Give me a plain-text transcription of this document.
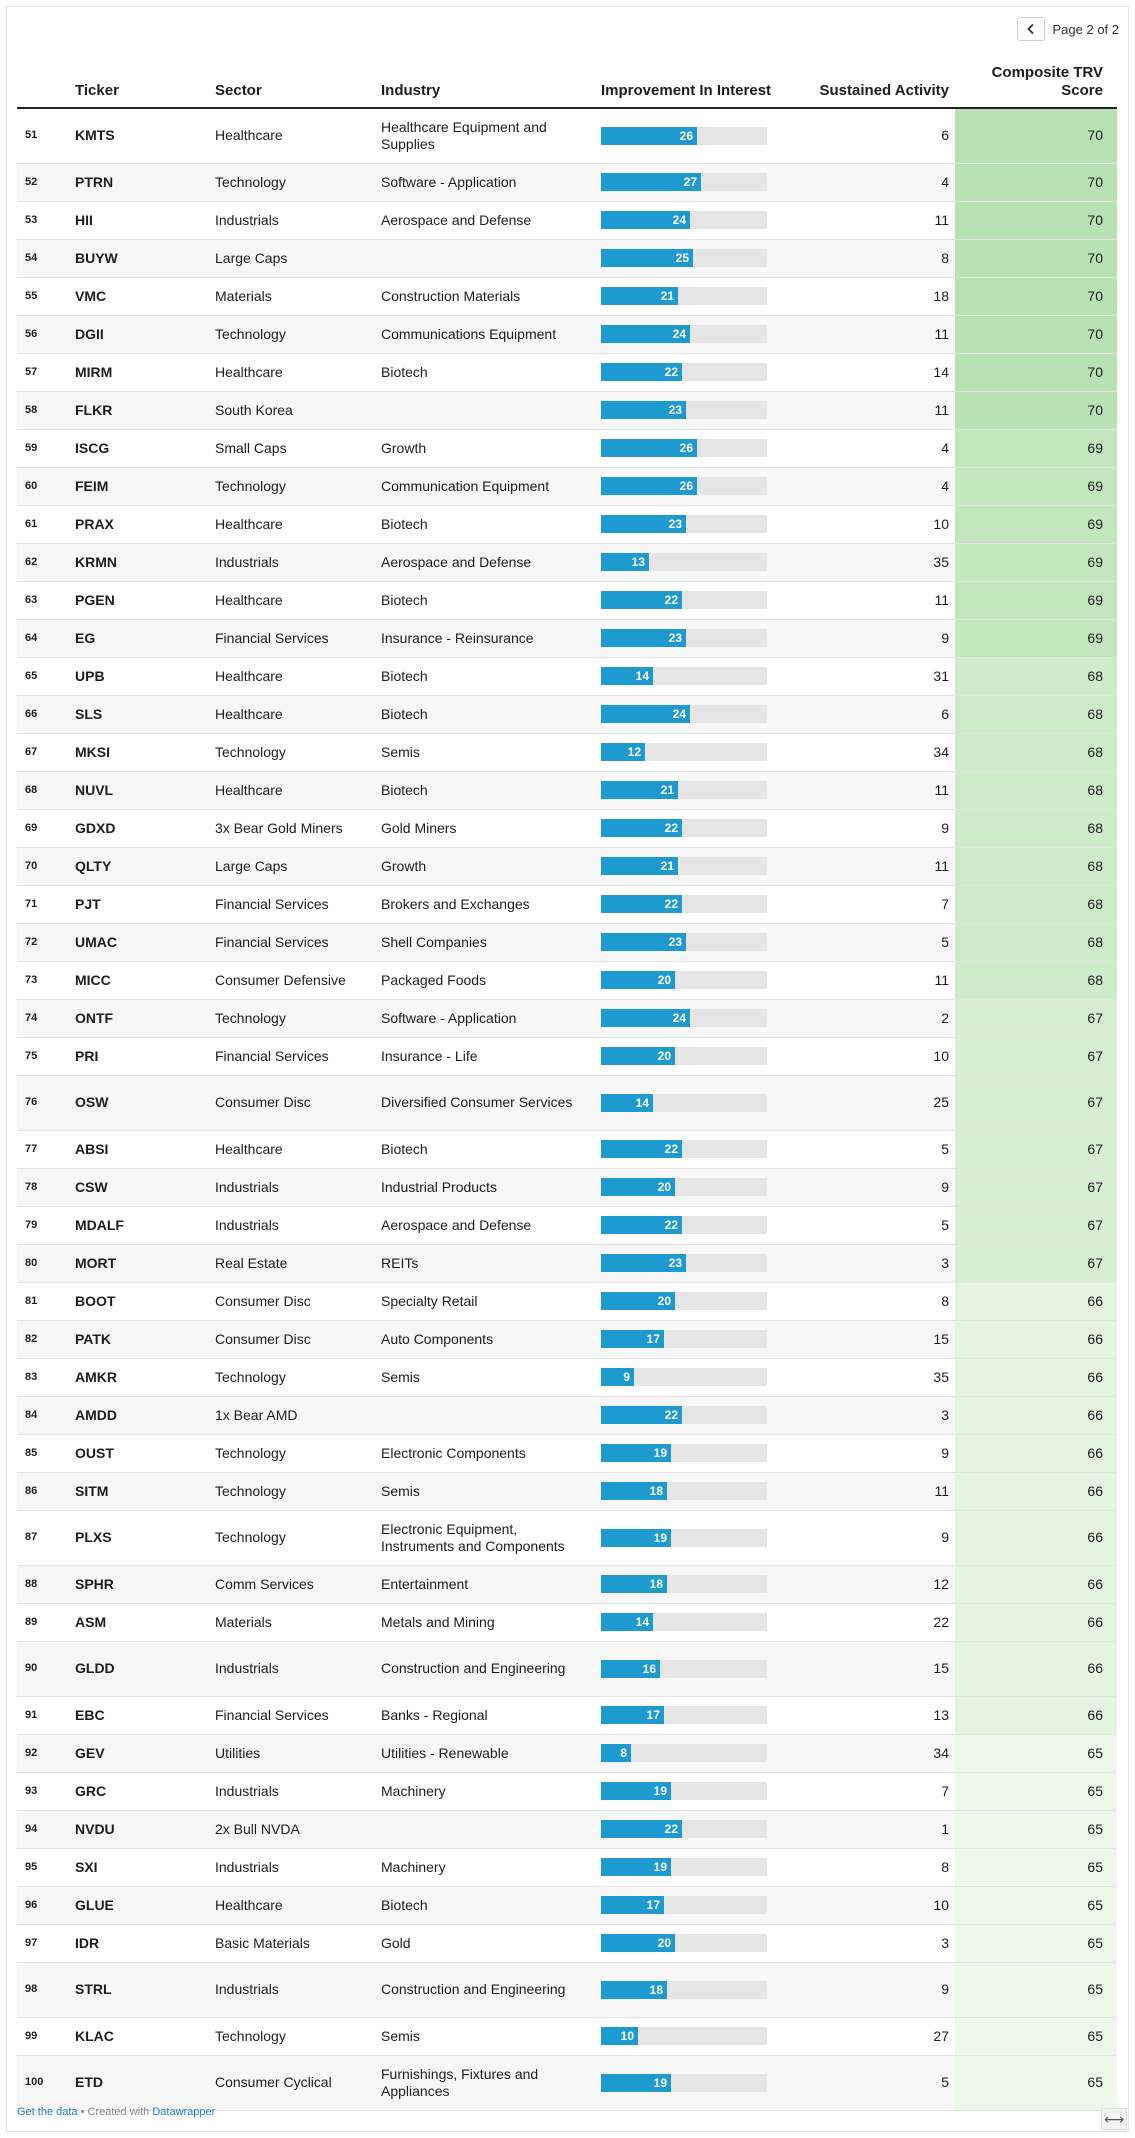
Page 2 of 2
	Ticker	Sector	Industry	Improvement In Interest	Sustained Activity	Composite TRV Score
51	KMTS	Healthcare	Healthcare Equipment and Supplies	26	6	70
52	PTRN	Technology	Software - Application	27	4	70
53	HII	Industrials	Aerospace and Defense	24	11	70
54	BUYW	Large Caps		25	8	70
55	VMC	Materials	Construction Materials	21	18	70
56	DGII	Technology	Communications Equipment	24	11	70
57	MIRM	Healthcare	Biotech	22	14	70
58	FLKR	South Korea		23	11	70
59	ISCG	Small Caps	Growth	26	4	69
60	FEIM	Technology	Communication Equipment	26	4	69
61	PRAX	Healthcare	Biotech	23	10	69
62	KRMN	Industrials	Aerospace and Defense	13	35	69
63	PGEN	Healthcare	Biotech	22	11	69
64	EG	Financial Services	Insurance - Reinsurance	23	9	69
65	UPB	Healthcare	Biotech	14	31	68
66	SLS	Healthcare	Biotech	24	6	68
67	MKSI	Technology	Semis	12	34	68
68	NUVL	Healthcare	Biotech	21	11	68
69	GDXD	3x Bear Gold Miners	Gold Miners	22	9	68
70	QLTY	Large Caps	Growth	21	11	68
71	PJT	Financial Services	Brokers and Exchanges	22	7	68
72	UMAC	Financial Services	Shell Companies	23	5	68
73	MICC	Consumer Defensive	Packaged Foods	20	11	68
74	ONTF	Technology	Software - Application	24	2	67
75	PRI	Financial Services	Insurance - Life	20	10	67
76	OSW	Consumer Disc	Diversified Consumer Services	14	25	67
77	ABSI	Healthcare	Biotech	22	5	67
78	CSW	Industrials	Industrial Products	20	9	67
79	MDALF	Industrials	Aerospace and Defense	22	5	67
80	MORT	Real Estate	REITs	23	3	67
81	BOOT	Consumer Disc	Specialty Retail	20	8	66
82	PATK	Consumer Disc	Auto Components	17	15	66
83	AMKR	Technology	Semis	9	35	66
84	AMDD	1x Bear AMD		22	3	66
85	OUST	Technology	Electronic Components	19	9	66
86	SITM	Technology	Semis	18	11	66
87	PLXS	Technology	Electronic Equipment, Instruments and Components	19	9	66
88	SPHR	Comm Services	Entertainment	18	12	66
89	ASM	Materials	Metals and Mining	14	22	66
90	GLDD	Industrials	Construction and Engineering	16	15	66
91	EBC	Financial Services	Banks - Regional	17	13	66
92	GEV	Utilities	Utilities - Renewable	8	34	65
93	GRC	Industrials	Machinery	19	7	65
94	NVDU	2x Bull NVDA		22	1	65
95	SXI	Industrials	Machinery	19	8	65
96	GLUE	Healthcare	Biotech	17	10	65
97	IDR	Basic Materials	Gold	20	3	65
98	STRL	Industrials	Construction and Engineering	18	9	65
99	KLAC	Technology	Semis	10	27	65
100	ETD	Consumer Cyclical	Furnishings, Fixtures and Appliances	19	5	65
Get the data • Created with Datawrapper	⟷
